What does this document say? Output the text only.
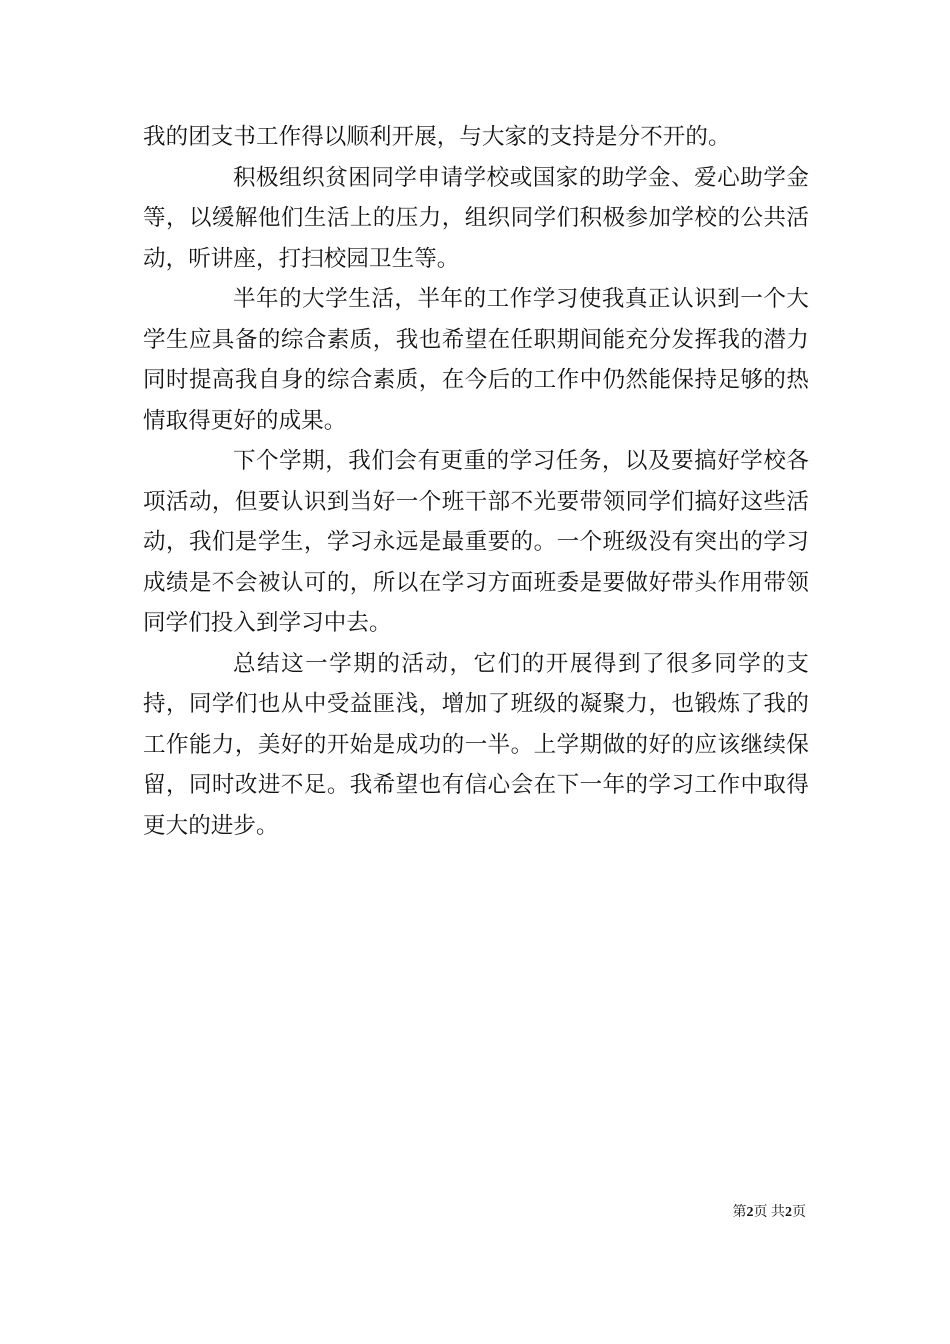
我的团支书工作得以顺利开展，与大家的支持是分不开的。

积极组织贫困同学申请学校或国家的助学金、爱心助学金等，以缓解他们生活上的压力，组织同学们积极参加学校的公共活动，听讲座，打扫校园卫生等。

半年的大学生活，半年的工作学习使我真正认识到一个大学生应具备的综合素质，我也希望在任职期间能充分发挥我的潜力同时提高我自身的综合素质，在今后的工作中仍然能保持足够的热情取得更好的成果。

下个学期，我们会有更重的学习任务，以及要搞好学校各项活动，但要认识到当好一个班干部不光要带领同学们搞好这些活动，我们是学生，学习永远是最重要的。一个班级没有突出的学习成绩是不会被认可的，所以在学习方面班委是要做好带头作用带领同学们投入到学习中去。

总结这一学期的活动，它们的开展得到了很多同学的支持，同学们也从中受益匪浅，增加了班级的凝聚力，也锻炼了我的工作能力，美好的开始是成功的一半。上学期做的好的应该继续保留，同时改进不足。我希望也有信心会在下一年的学习工作中取得更大的进步。

第2页 共2页
